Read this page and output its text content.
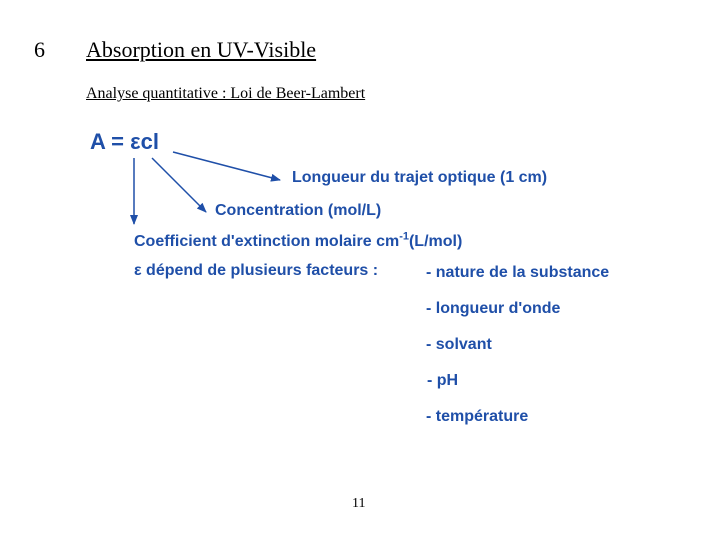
6 Absorption en UV-Visible
Analyse quantitative : Loi de Beer-Lambert
A = εcl
Longueur du trajet optique (1 cm)
Concentration (mol/L)
Coefficient d'extinction molaire $cm^{-1}(L/mol)$
ε dépend de plusieurs facteurs :	- nature de la substance
- longueur d'onde
- solvant
- pH
- température
11
